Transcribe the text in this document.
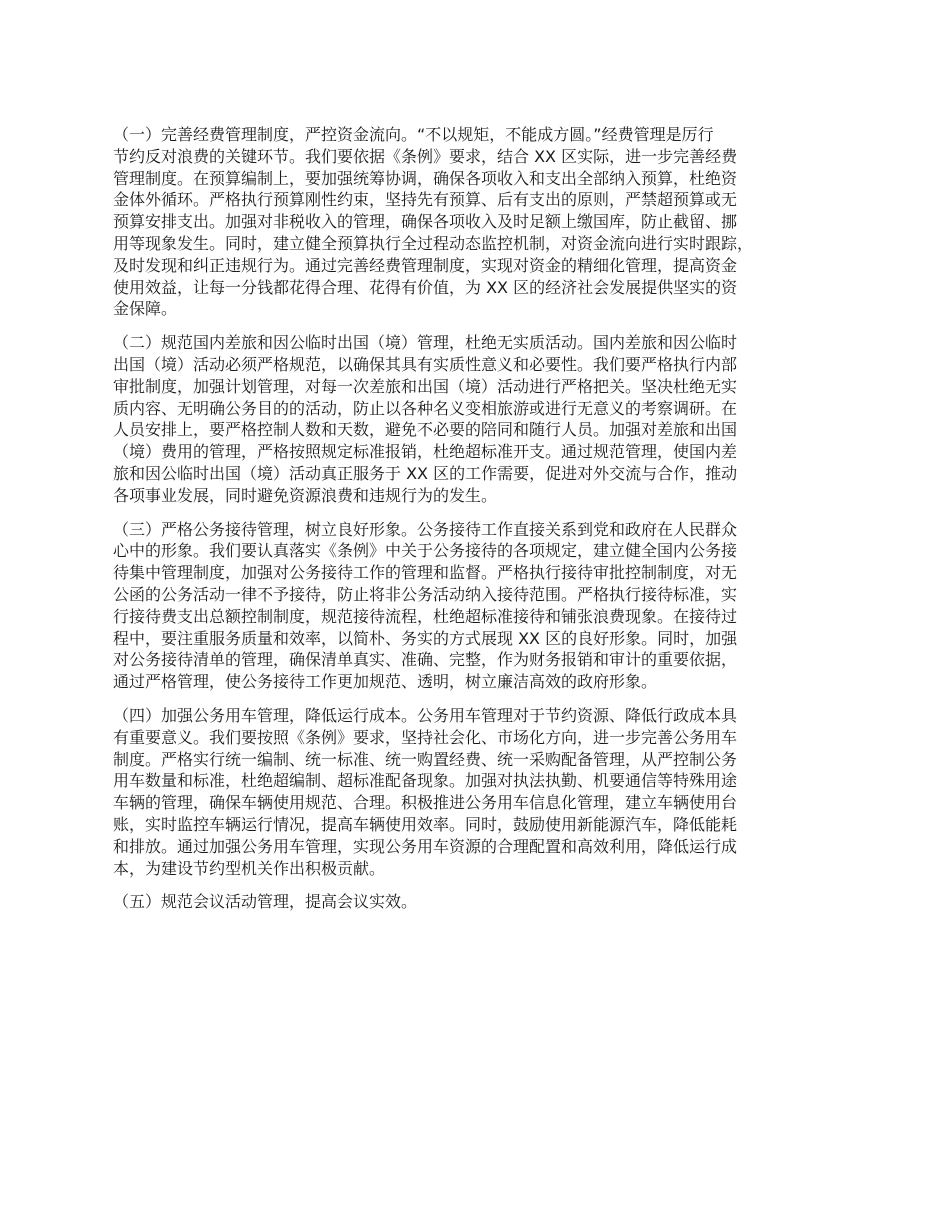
（一）完善经费管理制度，严控资金流向。“不以规矩，不能成方圆。”经费管理是厉行
节约反对浪费的关键环节。我们要依据《条例》要求，结合 XX 区实际，进一步完善经费
管理制度。在预算编制上，要加强统筹协调，确保各项收入和支出全部纳入预算，杜绝资
金体外循环。严格执行预算刚性约束，坚持先有预算、后有支出的原则，严禁超预算或无
预算安排支出。加强对非税收入的管理，确保各项收入及时足额上缴国库，防止截留、挪
用等现象发生。同时，建立健全预算执行全过程动态监控机制，对资金流向进行实时跟踪，
及时发现和纠正违规行为。通过完善经费管理制度，实现对资金的精细化管理，提高资金
使用效益，让每一分钱都花得合理、花得有价值，为 XX 区的经济社会发展提供坚实的资
金保障。

（二）规范国内差旅和因公临时出国（境）管理，杜绝无实质活动。国内差旅和因公临时
出国（境）活动必须严格规范，以确保其具有实质性意义和必要性。我们要严格执行内部
审批制度，加强计划管理，对每一次差旅和出国（境）活动进行严格把关。坚决杜绝无实
质内容、无明确公务目的的活动，防止以各种名义变相旅游或进行无意义的考察调研。在
人员安排上，要严格控制人数和天数，避免不必要的陪同和随行人员。加强对差旅和出国
（境）费用的管理，严格按照规定标准报销，杜绝超标准开支。通过规范管理，使国内差
旅和因公临时出国（境）活动真正服务于 XX 区的工作需要，促进对外交流与合作，推动
各项事业发展，同时避免资源浪费和违规行为的发生。

（三）严格公务接待管理，树立良好形象。公务接待工作直接关系到党和政府在人民群众
心中的形象。我们要认真落实《条例》中关于公务接待的各项规定，建立健全国内公务接
待集中管理制度，加强对公务接待工作的管理和监督。严格执行接待审批控制制度，对无
公函的公务活动一律不予接待，防止将非公务活动纳入接待范围。严格执行接待标准，实
行接待费支出总额控制制度，规范接待流程，杜绝超标准接待和铺张浪费现象。在接待过
程中，要注重服务质量和效率，以简朴、务实的方式展现 XX 区的良好形象。同时，加强
对公务接待清单的管理，确保清单真实、准确、完整，作为财务报销和审计的重要依据，
通过严格管理，使公务接待工作更加规范、透明，树立廉洁高效的政府形象。

（四）加强公务用车管理，降低运行成本。公务用车管理对于节约资源、降低行政成本具
有重要意义。我们要按照《条例》要求，坚持社会化、市场化方向，进一步完善公务用车
制度。严格实行统一编制、统一标准、统一购置经费、统一采购配备管理，从严控制公务
用车数量和标准，杜绝超编制、超标准配备现象。加强对执法执勤、机要通信等特殊用途
车辆的管理，确保车辆使用规范、合理。积极推进公务用车信息化管理，建立车辆使用台
账，实时监控车辆运行情况，提高车辆使用效率。同时，鼓励使用新能源汽车，降低能耗
和排放。通过加强公务用车管理，实现公务用车资源的合理配置和高效利用，降低运行成
本，为建设节约型机关作出积极贡献。

（五）规范会议活动管理，提高会议实效。
